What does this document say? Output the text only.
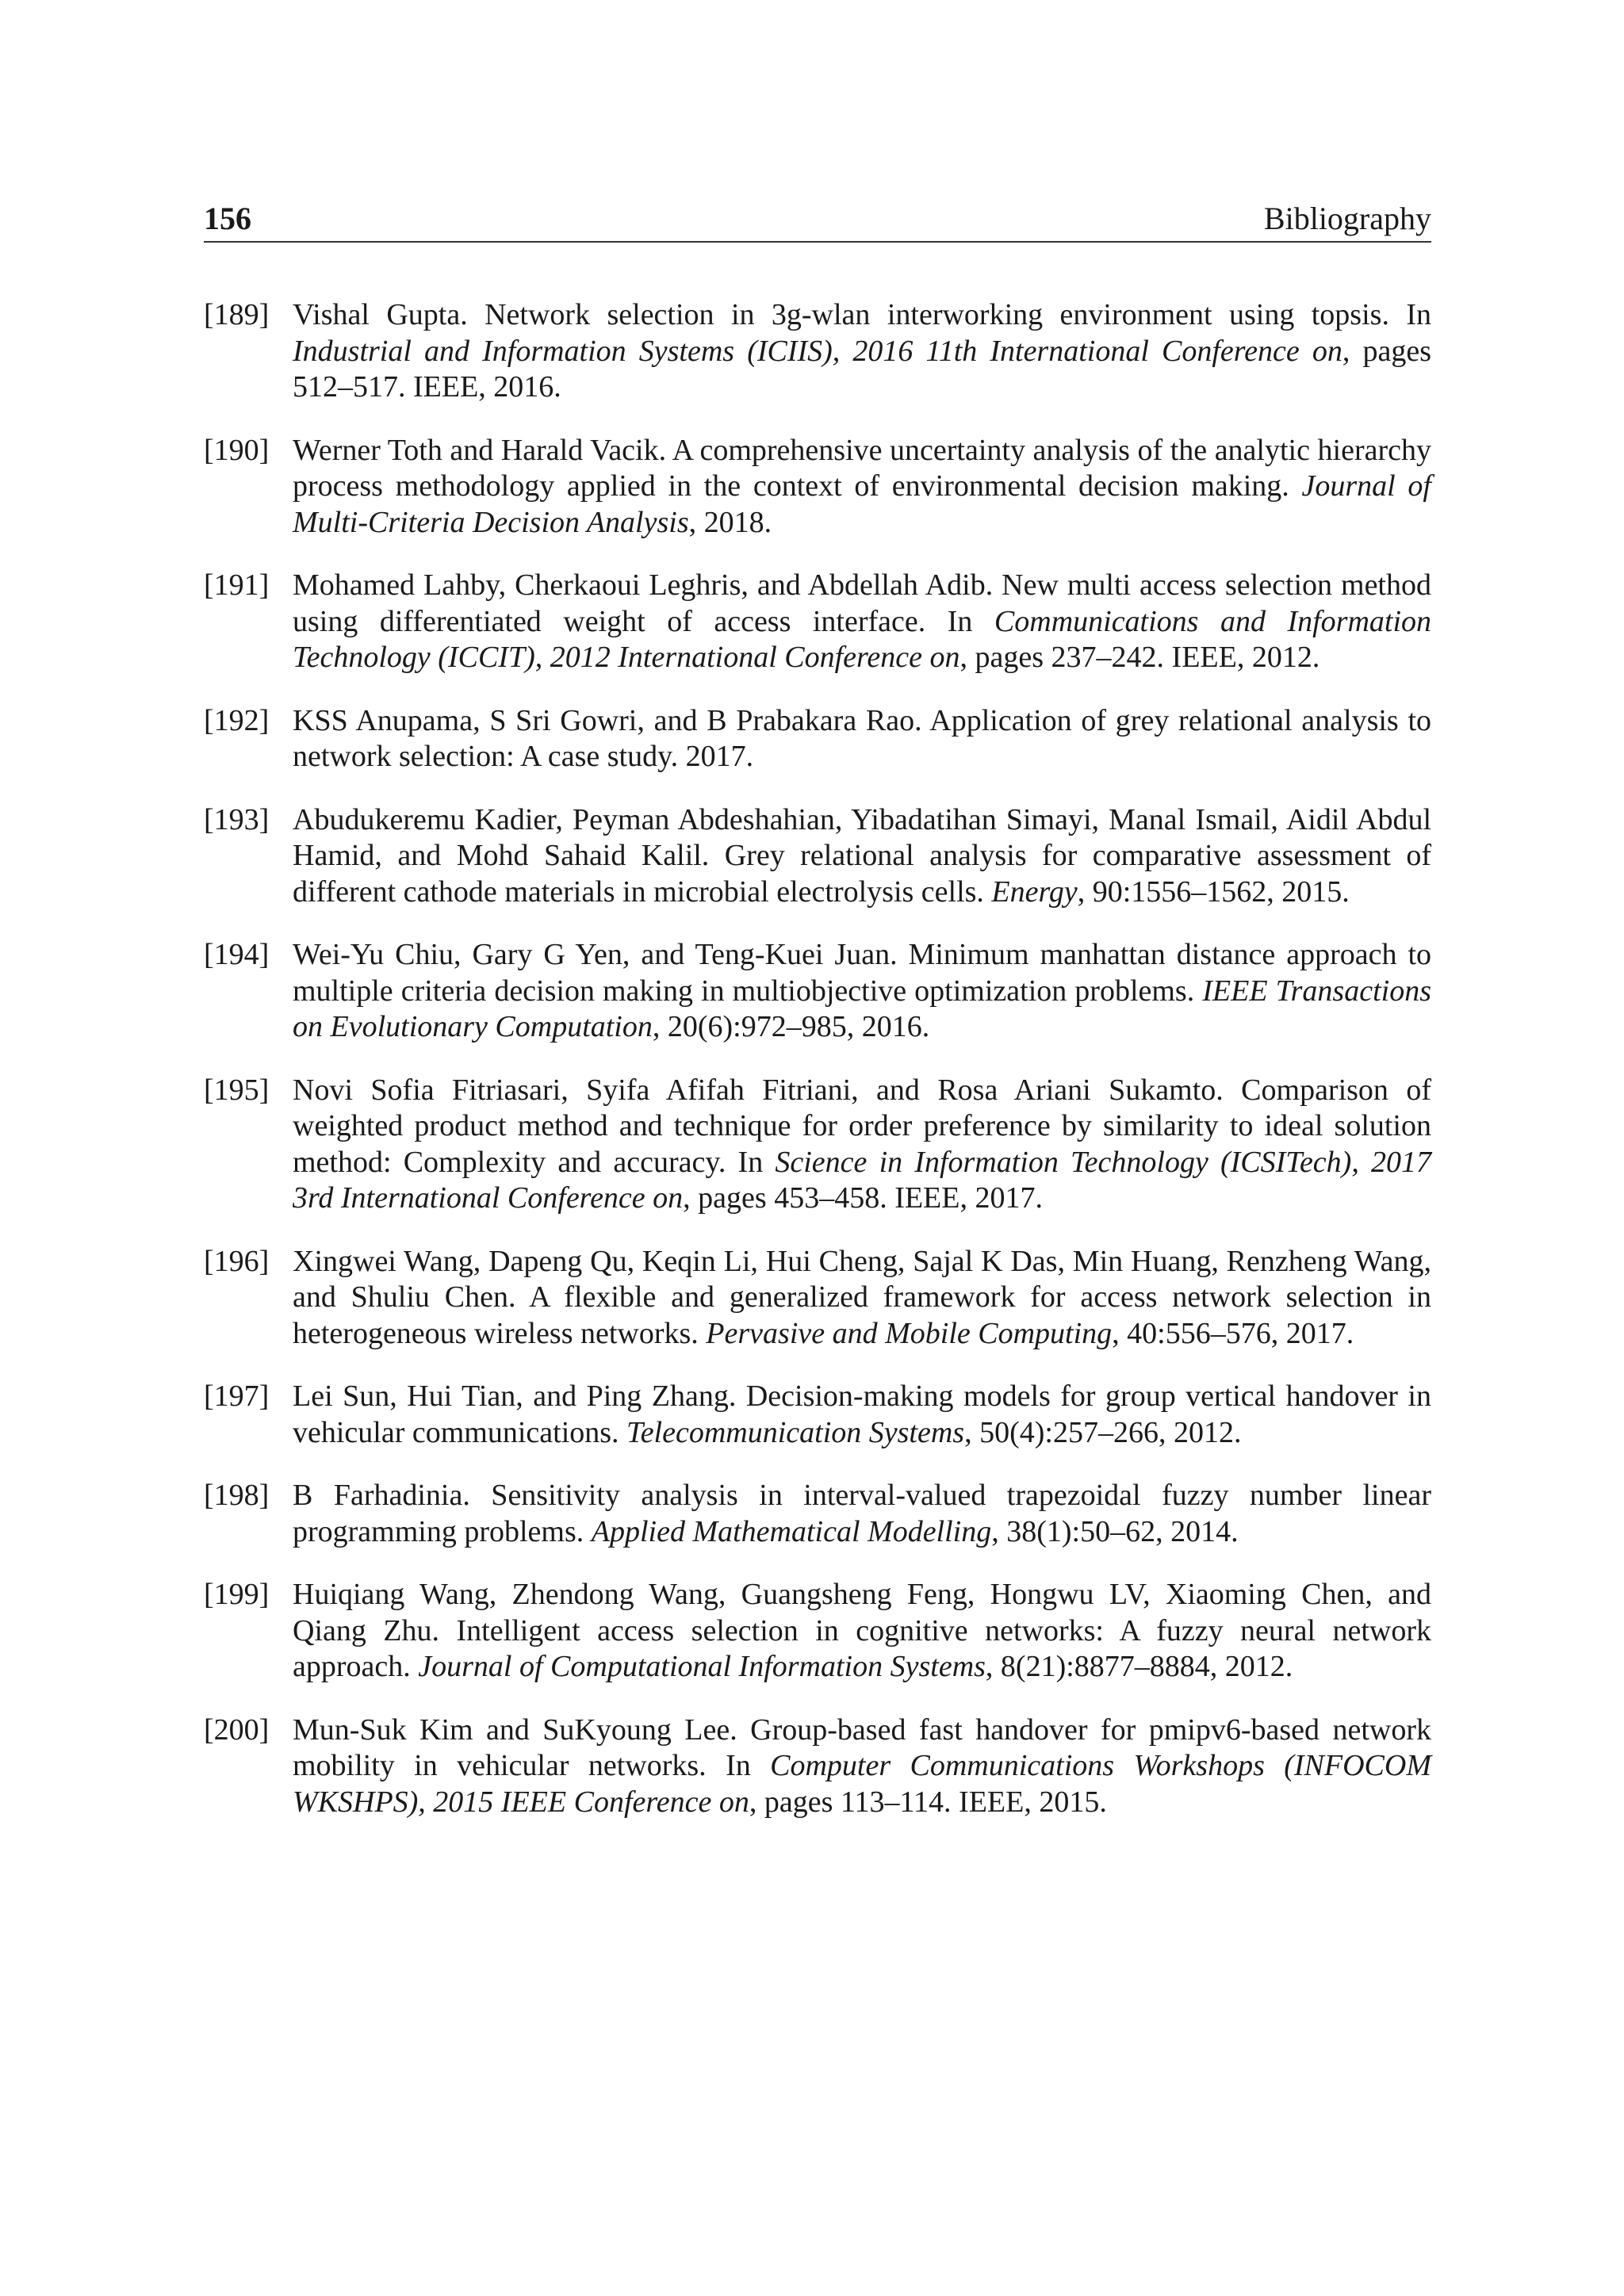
156	Bibliography
[189] Vishal Gupta. Network selection in 3g-wlan interworking environment using topsis. In Industrial and Information Systems (ICIIS), 2016 11th International Conference on, pages 512–517. IEEE, 2016.
[190] Werner Toth and Harald Vacik. A comprehensive uncertainty analysis of the analytic hierarchy process methodology applied in the context of environmental decision making. Journal of Multi-Criteria Decision Analysis, 2018.
[191] Mohamed Lahby, Cherkaoui Leghris, and Abdellah Adib. New multi access selection method using differentiated weight of access interface. In Communications and Information Technology (ICCIT), 2012 International Conference on, pages 237–242. IEEE, 2012.
[192] KSS Anupama, S Sri Gowri, and B Prabakara Rao. Application of grey relational analysis to network selection: A case study. 2017.
[193] Abudukeremu Kadier, Peyman Abdeshahian, Yibadatihan Simayi, Manal Ismail, Aidil Abdul Hamid, and Mohd Sahaid Kalil. Grey relational analysis for comparative assessment of different cathode materials in microbial electrolysis cells. Energy, 90:1556–1562, 2015.
[194] Wei-Yu Chiu, Gary G Yen, and Teng-Kuei Juan. Minimum manhattan distance approach to multiple criteria decision making in multiobjective optimization problems. IEEE Transactions on Evolutionary Computation, 20(6):972–985, 2016.
[195] Novi Sofia Fitriasari, Syifa Afifah Fitriani, and Rosa Ariani Sukamto. Comparison of weighted product method and technique for order preference by similarity to ideal solution method: Complexity and accuracy. In Science in Information Technology (ICSITech), 2017 3rd International Conference on, pages 453–458. IEEE, 2017.
[196] Xingwei Wang, Dapeng Qu, Keqin Li, Hui Cheng, Sajal K Das, Min Huang, Renzheng Wang, and Shuliu Chen. A flexible and generalized framework for access network selection in heterogeneous wireless networks. Pervasive and Mobile Computing, 40:556–576, 2017.
[197] Lei Sun, Hui Tian, and Ping Zhang. Decision-making models for group vertical handover in vehicular communications. Telecommunication Systems, 50(4):257–266, 2012.
[198] B Farhadinia. Sensitivity analysis in interval-valued trapezoidal fuzzy number linear programming problems. Applied Mathematical Modelling, 38(1):50–62, 2014.
[199] Huiqiang Wang, Zhendong Wang, Guangsheng Feng, Hongwu LV, Xiaoming Chen, and Qiang Zhu. Intelligent access selection in cognitive networks: A fuzzy neural network approach. Journal of Computational Information Systems, 8(21):8877–8884, 2012.
[200] Mun-Suk Kim and SuKyoung Lee. Group-based fast handover for pmipv6-based network mobility in vehicular networks. In Computer Communications Workshops (INFOCOM WKSHPS), 2015 IEEE Conference on, pages 113–114. IEEE, 2015.
